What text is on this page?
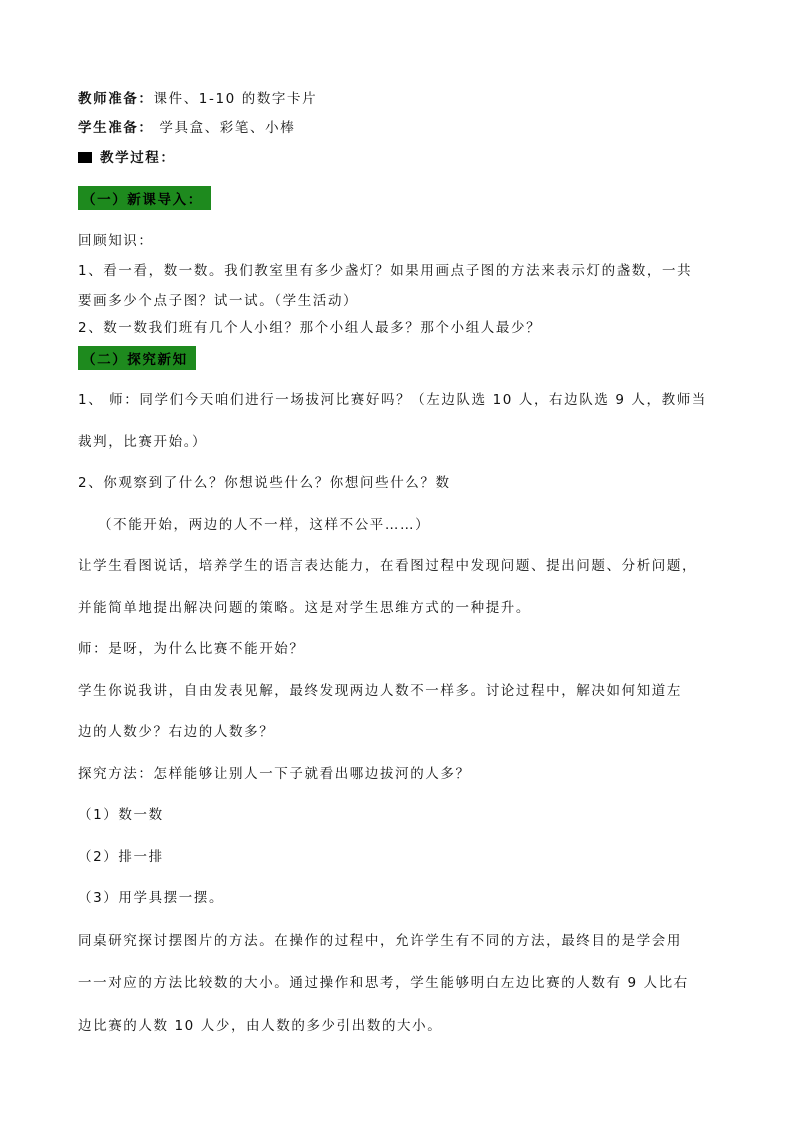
教师准备：课件、1-10 的数字卡片
学生准备： 学具盒、彩笔、小棒
教学过程：
（一）新课导入：
回顾知识：
1、看一看，数一数。我们教室里有多少盏灯？如果用画点子图的方法来表示灯的盏数，一共
要画多少个点子图？试一试。（学生活动）
2、数一数我们班有几个人小组？那个小组人最多？那个小组人最少？
（二）探究新知
1、 师：同学们今天咱们进行一场拔河比赛好吗？（左边队选 10 人，右边队选 9 人，教师当
裁判，比赛开始。）
2、你观察到了什么？你想说些什么？你想问些什么？数
（不能开始，两边的人不一样，这样不公平……）
让学生看图说话，培养学生的语言表达能力，在看图过程中发现问题、提出问题、分析问题，
并能简单地提出解决问题的策略。这是对学生思维方式的一种提升。
师：是呀，为什么比赛不能开始？
学生你说我讲，自由发表见解，最终发现两边人数不一样多。讨论过程中，解决如何知道左
边的人数少？右边的人数多？
探究方法：怎样能够让别人一下子就看出哪边拔河的人多？
（1）数一数
（2）排一排
（3）用学具摆一摆。
同桌研究探讨摆图片的方法。在操作的过程中，允许学生有不同的方法，最终目的是学会用
一一对应的方法比较数的大小。通过操作和思考，学生能够明白左边比赛的人数有 9 人比右
边比赛的人数 10 人少，由人数的多少引出数的大小。
